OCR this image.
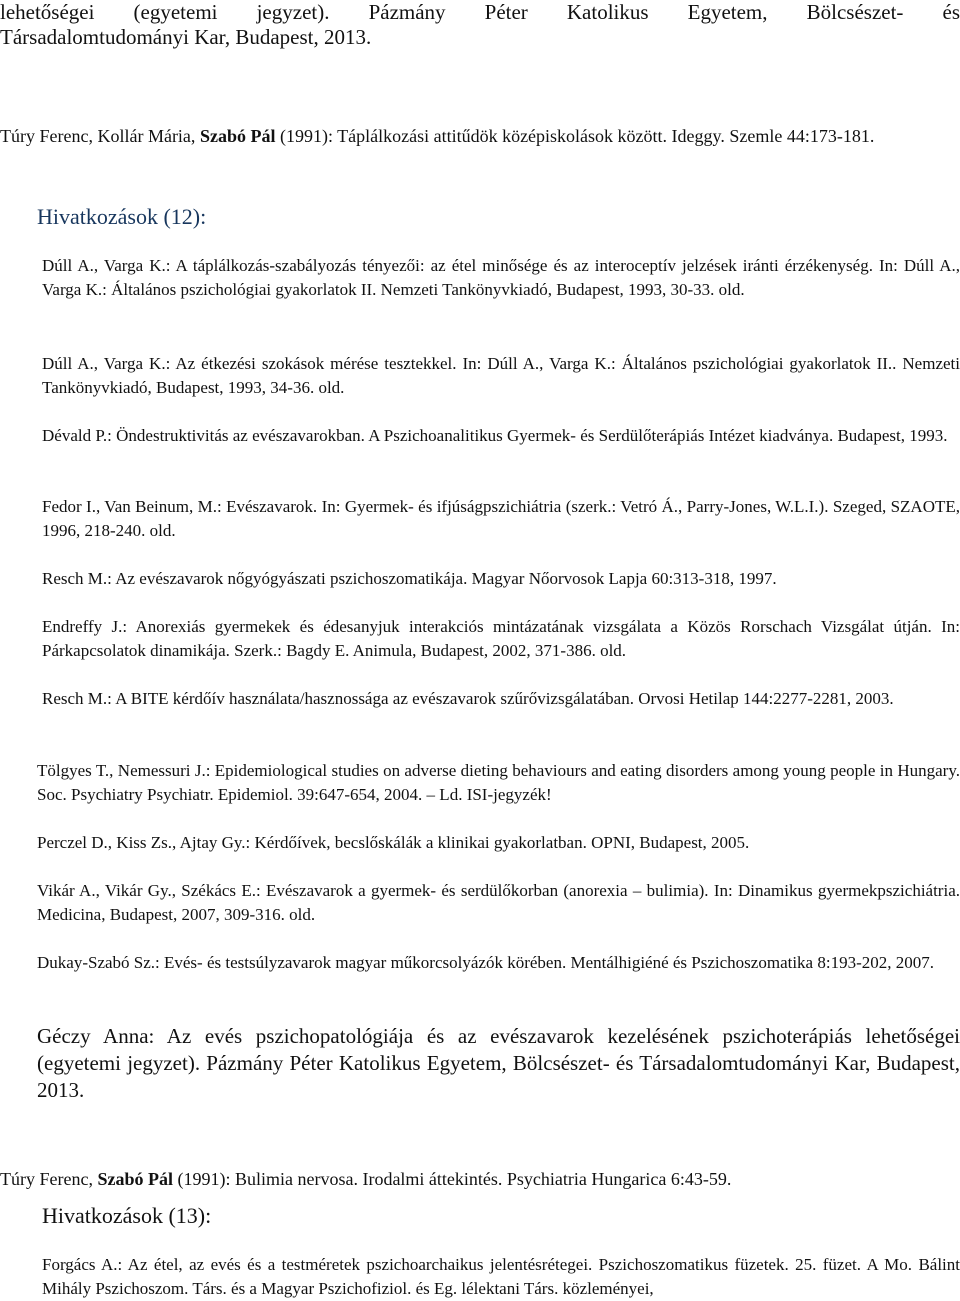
lehetőségei (egyetemi jegyzet). Pázmány Péter Katolikus Egyetem, Bölcsészet- és
Társadalomtudományi Kar, Budapest, 2013.
Túry Ferenc, Kollár Mária, Szabó Pál (1991): Táplálkozási attitűdök középiskolások között. Ideggy. Szemle 44:173-181.
Hivatkozások (12):
Dúll A., Varga K.: A táplálkozás-szabályozás tényezői: az étel minősége és az interoceptív jelzések iránti érzékenység. In: Dúll A., Varga K.: Általános pszichológiai gyakorlatok II. Nemzeti Tankönyvkiadó, Budapest, 1993, 30-33. old.
Dúll A., Varga K.: Az étkezési szokások mérése tesztekkel. In: Dúll A., Varga K.: Általános pszichológiai gyakorlatok II.. Nemzeti Tankönyvkiadó, Budapest, 1993, 34-36. old.
Dévald P.: Öndestruktivitás az evészavarokban. A Pszichoanalitikus Gyermek- és Serdülőterápiás Intézet kiadványa. Budapest, 1993.
Fedor I., Van Beinum, M.: Evészavarok. In: Gyermek- és ifjúságpszichiátria (szerk.: Vetró Á., Parry-Jones, W.L.I.). Szeged, SZAOTE, 1996, 218-240. old.
Resch M.: Az evészavarok nőgyógyászati pszichoszomatikája. Magyar Nőorvosok Lapja 60:313-318, 1997.
Endreffy J.: Anorexiás gyermekek és édesanyjuk interakciós mintázatának vizsgálata a Közös Rorschach Vizsgálat útján. In: Párkapcsolatok dinamikája. Szerk.: Bagdy E. Animula, Budapest, 2002, 371-386. old.
Resch M.: A BITE kérdőív használata/hasznossága az evészavarok szűrővizsgálatában. Orvosi Hetilap 144:2277-2281, 2003.
Tölgyes T., Nemessuri J.: Epidemiological studies on adverse dieting behaviours and eating disorders among young people in Hungary. Soc. Psychiatry Psychiatr. Epidemiol. 39:647-654, 2004. – Ld. ISI-jegyzék!
Perczel D., Kiss Zs., Ajtay Gy.: Kérdőívek, becslőskálák a klinikai gyakorlatban. OPNI, Budapest, 2005.
Vikár A., Vikár Gy., Székács E.: Evészavarok a gyermek- és serdülőkorban (anorexia – bulimia). In: Dinamikus gyermekpszichiátria. Medicina, Budapest, 2007, 309-316. old.
Dukay-Szabó Sz.: Evés- és testsúlyzavarok magyar műkorcsolyázók körében. Mentálhigiéné és Pszichoszomatika 8:193-202, 2007.
Géczy Anna: Az evés pszichopatológiája és az evészavarok kezelésének pszichoterápiás lehetőségei (egyetemi jegyzet). Pázmány Péter Katolikus Egyetem, Bölcsészet- és Társadalomtudományi Kar, Budapest, 2013.
Túry Ferenc, Szabó Pál (1991): Bulimia nervosa. Irodalmi áttekintés. Psychiatria Hungarica 6:43-59.
Hivatkozások (13):
Forgács A.: Az étel, az evés és a testméretek pszichoarchaikus jelentésrétegei. Pszichoszomatikus füzetek. 25. füzet. A Mo. Bálint Mihály Pszichoszom. Társ. és a Magyar Pszichofiziol. és Eg. lélektani Társ. közleményei,
